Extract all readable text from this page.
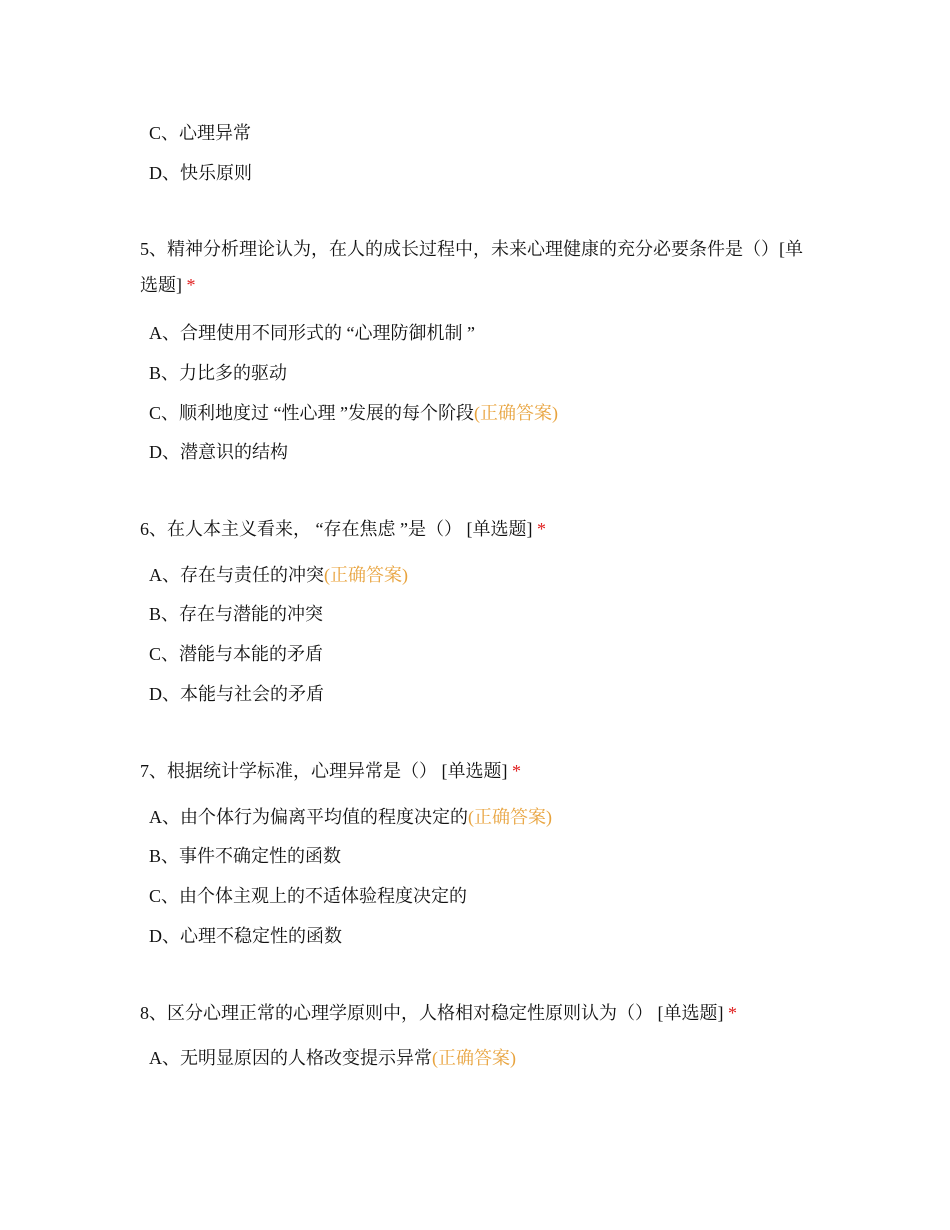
C、心理异常
D、快乐原则
5、精神分析理论认为，在人的成长过程中，未来心理健康的充分必要条件是（）[单选题] *
A、合理使用不同形式的 “心理防御机制 ”
B、力比多的驱动
C、顺利地度过 “性心理 ”发展的每个阶段(正确答案)
D、潜意识的结构
6、在人本主义看来， “存在焦虑 ”是（） [单选题] *
A、存在与责任的冲突(正确答案)
B、存在与潜能的冲突
C、潜能与本能的矛盾
D、本能与社会的矛盾
7、根据统计学标准，心理异常是（） [单选题] *
A、由个体行为偏离平均值的程度决定的(正确答案)
B、事件不确定性的函数
C、由个体主观上的不适体验程度决定的
D、心理不稳定性的函数
8、区分心理正常的心理学原则中，人格相对稳定性原则认为（） [单选题] *
A、无明显原因的人格改变提示异常(正确答案)
